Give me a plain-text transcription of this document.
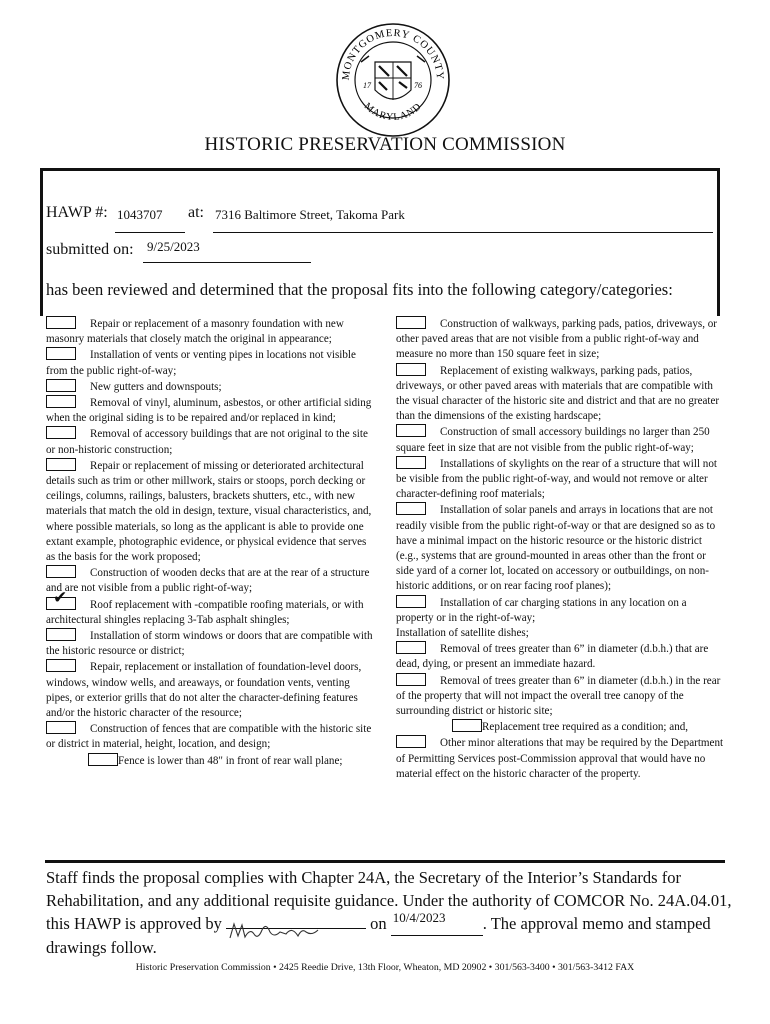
MONTGOMERY COUNTY
MARYLAND
17	76
HISTORIC PRESERVATION COMMISSION
HAWP #: 1043707 at: 7316 Baltimore Street, Takoma Park
submitted on: 9/25/2023
has been reviewed and determined that the proposal fits into the following category/categories:
Repair or replacement of a masonry foundation with new masonry materials that closely match the original in appearance;
Installation of vents or venting pipes in locations not visible from the public right-of-way;
New gutters and downspouts;
Removal of vinyl, aluminum, asbestos, or other artificial siding when the original siding is to be repaired and/or replaced in kind;
Removal of accessory buildings that are not original to the site or non-historic construction;
Repair or replacement of missing or deteriorated architectural details such as trim or other millwork, stairs or stoops, porch decking or ceilings, columns, railings, balusters, brackets shutters, etc., with new materials that match the old in design, texture, visual characteristics, and, where possible materials, so long as the applicant is able to provide one extant example, photographic evidence, or physical evidence that serves as the basis for the work proposed;
Construction of wooden decks that are at the rear of a structure and are not visible from a public right-of-way;
✔Roof replacement with -compatible roofing materials, or with architectural shingles replacing 3-Tab asphalt shingles;
Installation of storm windows or doors that are compatible with the historic resource or district;
Repair, replacement or installation of foundation-level doors, windows, window wells, and areaways, or foundation vents, venting pipes, or exterior grills that do not alter the character-defining features and/or the historic character of the resource;
Construction of fences that are compatible with the historic site or district in material, height, location, and design;
Fence is lower than 48" in front of rear wall plane;
Construction of walkways, parking pads, patios, driveways, or other paved areas that are not visible from a public right-of-way and measure no more than 150 square feet in size;
Replacement of existing walkways, parking pads, patios, driveways, or other paved areas with materials that are compatible with the visual character of the historic site and district and that are no greater than the dimensions of the existing hardscape;
Construction of small accessory buildings no larger than 250 square feet in size that are not visible from the public right-of-way;
Installations of skylights on the rear of a structure that will not be visible from the public right-of-way, and would not remove or alter character-defining roof materials;
Installation of solar panels and arrays in locations that are not readily visible from the public right-of-way or that are designed so as to have a minimal impact on the historic resource or the historic district (e.g., systems that are ground-mounted in areas other than the front or side yard of a corner lot, located on accessory or outbuildings, on non-historic additions, or on rear facing roof planes);
Installation of car charging stations in any location on a property or in the right-of-way;
Installation of satellite dishes;
Removal of trees greater than 6” in diameter (d.b.h.) that are dead, dying, or present an immediate hazard.
Removal of trees greater than 6” in diameter (d.b.h.) in the rear of the property that will not impact the overall tree canopy of the surrounding district or historic site;
Replacement tree required as a condition; and,
Other minor alterations that may be required by the Department of Permitting Services post-Commission approval that would have no material effect on the historic character of the property.
Staff finds the proposal complies with Chapter 24A, the Secretary of the Interior’s Standards for Rehabilitation, and any additional requisite guidance. Under the authority of COMCOR No. 24A.04.01, this HAWP is approved by	on 10/4/2023 . The approval memo and stamped drawings follow.
Historic Preservation Commission • 2425 Reedie Drive, 13th Floor, Wheaton, MD 20902 • 301/563-3400 • 301/563-3412 FAX
